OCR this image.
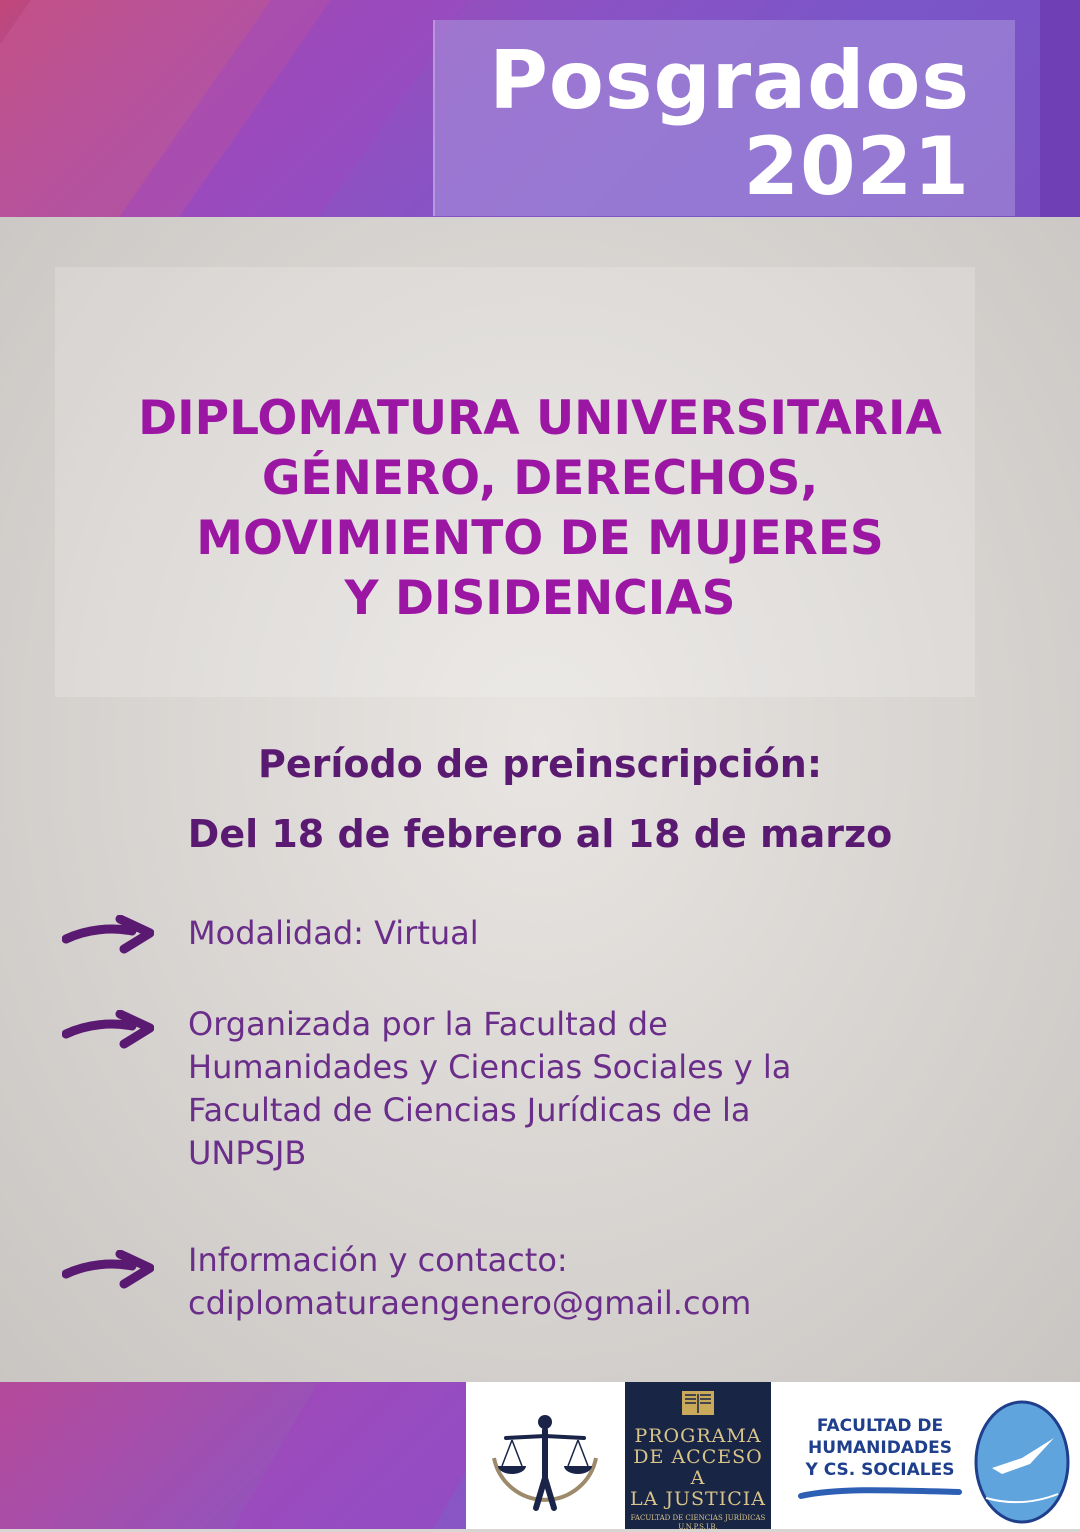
Posgrados
2021
DIPLOMATURA UNIVERSITARIA
GÉNERO, DERECHOS,
MOVIMIENTO DE MUJERES
Y DISIDENCIAS
Período de preinscripción:
Del 18 de febrero al 18 de marzo
Modalidad: Virtual
Organizada por la Facultad de
Humanidades y Ciencias Sociales y la
Facultad de Ciencias Jurídicas de la
UNPSJB
Información y contacto:
cdiplomaturaengenero@gmail.com
PROGRAMA
DE ACCESO A
LA JUSTICIA
FACULTAD DE CIENCIAS JURÍDICAS
U.N.P.S.J.B.
FACULTAD DE
HUMANIDADES
Y CS. SOCIALES
